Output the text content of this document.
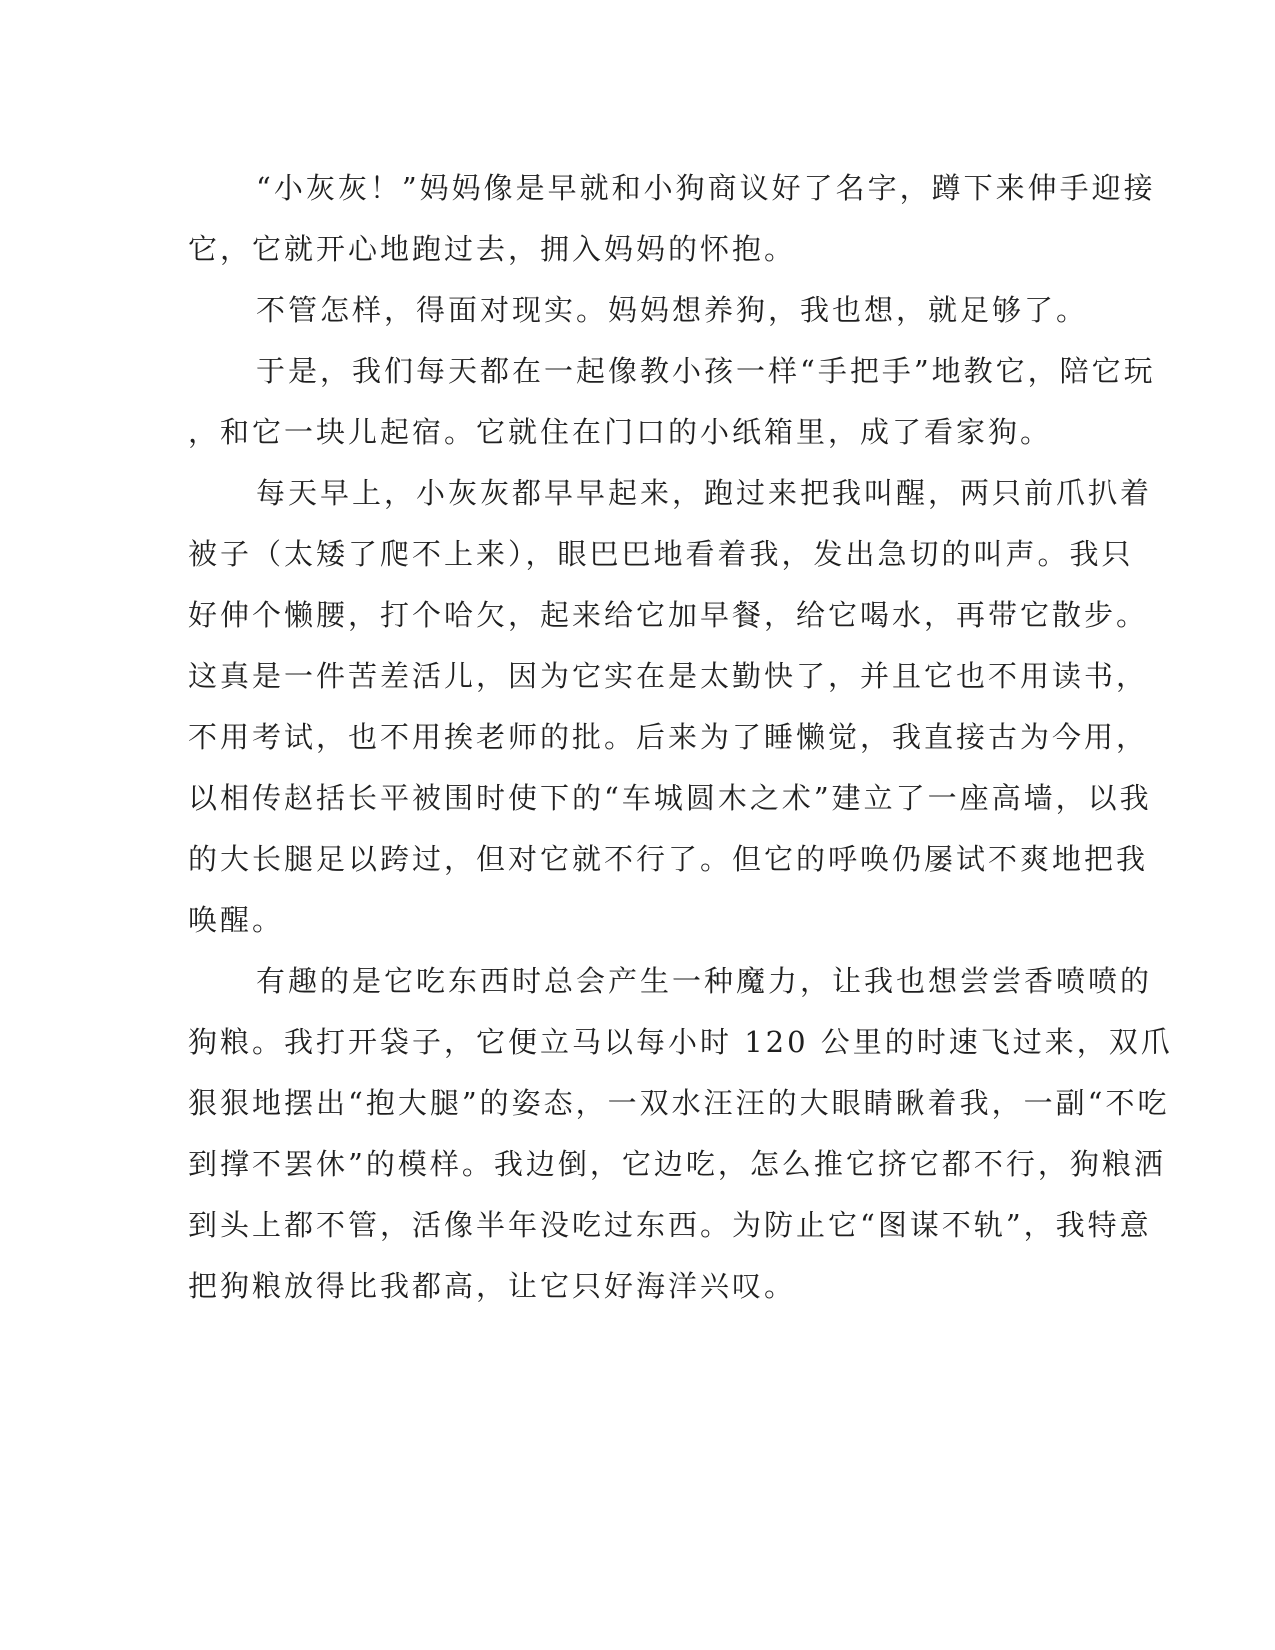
“小灰灰！”妈妈像是早就和小狗商议好了名字，蹲下来伸手迎接
它，它就开心地跑过去，拥入妈妈的怀抱。
不管怎样，得面对现实。妈妈想养狗，我也想，就足够了。
于是，我们每天都在一起像教小孩一样“手把手”地教它，陪它玩
，和它一块儿起宿。它就住在门口的小纸箱里，成了看家狗。
每天早上，小灰灰都早早起来，跑过来把我叫醒，两只前爪扒着
被子（太矮了爬不上来），眼巴巴地看着我，发出急切的叫声。我只
好伸个懒腰，打个哈欠，起来给它加早餐，给它喝水，再带它散步。
这真是一件苦差活儿，因为它实在是太勤快了，并且它也不用读书，
不用考试，也不用挨老师的批。后来为了睡懒觉，我直接古为今用，
以相传赵括长平被围时使下的“车城圆木之术”建立了一座高墙，以我
的大长腿足以跨过，但对它就不行了。但它的呼唤仍屡试不爽地把我
唤醒。
有趣的是它吃东西时总会产生一种魔力，让我也想尝尝香喷喷的
狗粮。我打开袋子，它便立马以每小时 120 公里的时速飞过来，双爪
狠狠地摆出“抱大腿”的姿态，一双水汪汪的大眼睛瞅着我，一副“不吃
到撑不罢休”的模样。我边倒，它边吃，怎么推它挤它都不行，狗粮洒
到头上都不管，活像半年没吃过东西。为防止它“图谋不轨”，我特意
把狗粮放得比我都高，让它只好海洋兴叹。
